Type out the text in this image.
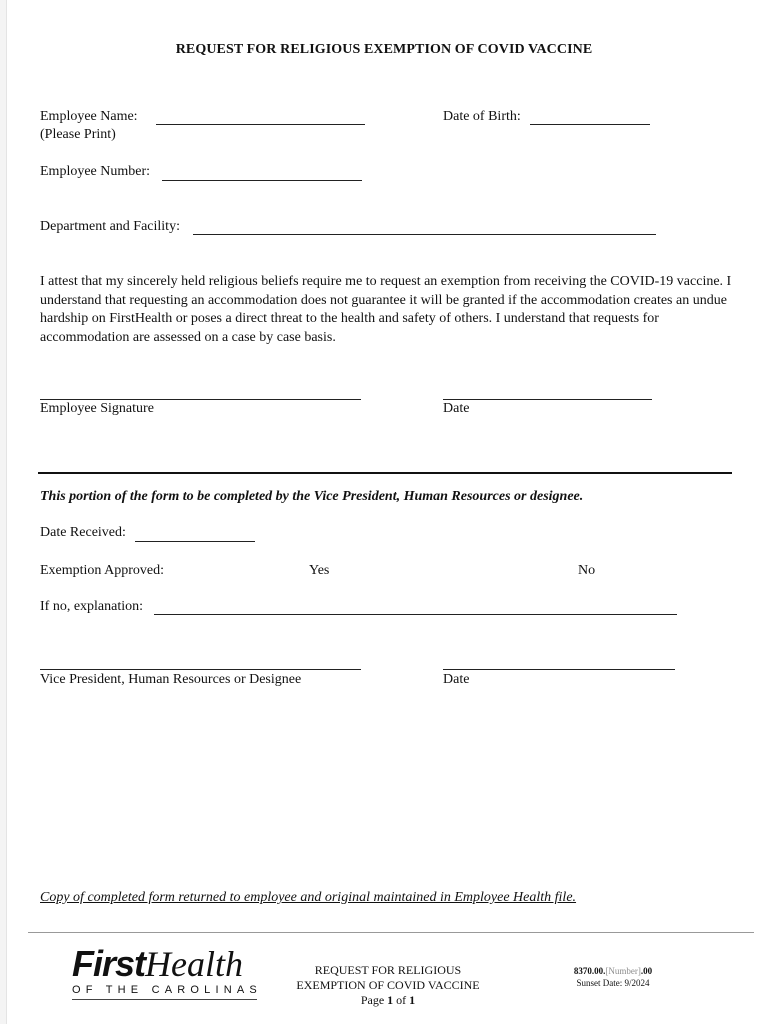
REQUEST FOR RELIGIOUS EXEMPTION OF COVID VACCINE
Employee Name:
(Please Print)
Date of Birth:
Employee Number:
Department and Facility:
I attest that my sincerely held religious beliefs require me to request an exemption from receiving the COVID-19 vaccine. I understand that requesting an accommodation does not guarantee it will be granted if the accommodation creates an undue hardship on FirstHealth or poses a direct threat to the health and safety of others. I understand that requests for accommodation are assessed on a case by case basis.
Employee Signature	Date
This portion of the form to be completed by the Vice President, Human Resources or designee.
Date Received:
Exemption Approved:	Yes	No
If no, explanation:
Vice President, Human Resources or Designee	Date
Copy of completed form returned to employee and original maintained in Employee Health file.
FirstHealth
OF THE CAROLINAS
REQUEST FOR RELIGIOUS
EXEMPTION OF COVID VACCINE
Page 1 of 1
8370.00.[Number].00
Sunset Date: 9/2024
